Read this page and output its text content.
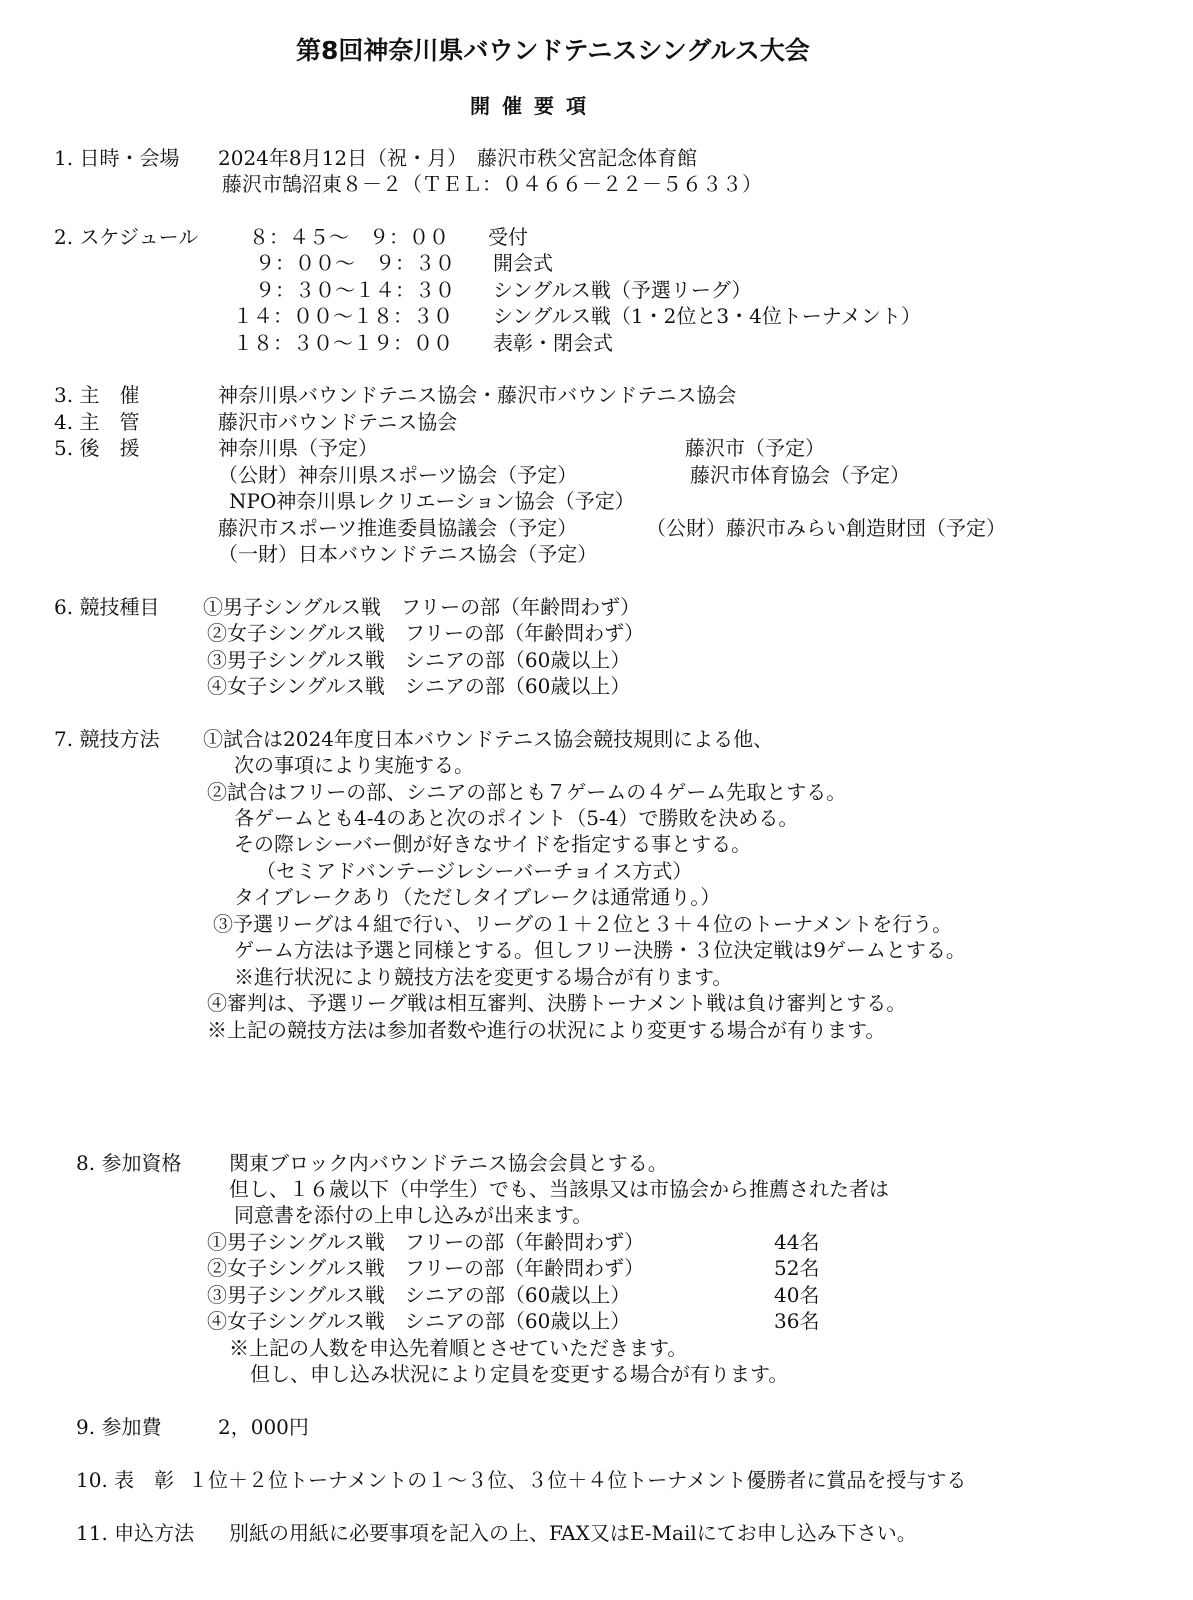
第8回神奈川県バウンドテニスシングルス大会
開催要項
1. 日時・会場 2024年8月12日（祝・月）　藤沢市秩父宮記念体育館
藤沢市鵠沼東８－２（ＴＥＬ：０４６６－２２－５６３３）
2. スケジュール	８：４５～　９：００ 受付
９：００～　９：３０ 開会式
９：３０～１４：３０ シングルス戦（予選リーグ）
１４：００～１８：３０ シングルス戦（1・2位と3・4位トーナメント）
１８：３０～１９：００ 表彰・閉会式
3. 主　催	神奈川県バウンドテニス協会・藤沢市バウンドテニス協会
4. 主　管	藤沢市バウンドテニス協会
5. 後　援	神奈川県（予定）	藤沢市（予定）
（公財）神奈川県スポーツ協会（予定）	藤沢市体育協会（予定）
NPO神奈川県レクリエーション協会（予定）
藤沢市スポーツ推進委員協議会（予定）	（公財）藤沢市みらい創造財団（予定）
（一財）日本バウンドテニス協会（予定）
6. 競技種目 ①男子シングルス戦　フリーの部（年齢問わず）
②女子シングルス戦　フリーの部（年齢問わず）
③男子シングルス戦　シニアの部（60歳以上）
④女子シングルス戦　シニアの部（60歳以上）
7. 競技方法 ①試合は2024年度日本バウンドテニス協会競技規則による他、
次の事項により実施する。
②試合はフリーの部、シニアの部とも７ゲームの４ゲーム先取とする。
各ゲームとも4-4のあと次のポイント（5-4）で勝敗を決める。
その際レシーバー側が好きなサイドを指定する事とする。
（セミアドバンテージレシーバーチョイス方式）
タイブレークあり（ただしタイブレークは通常通り。）
③予選リーグは４組で行い、リーグの１＋２位と３＋４位のトーナメントを行う。
ゲーム方法は予選と同様とする。但しフリー決勝・３位決定戦は9ゲームとする。
※進行状況により競技方法を変更する場合が有ります。
④審判は、予選リーグ戦は相互審判、決勝トーナメント戦は負け審判とする。
※上記の競技方法は参加者数や進行の状況により変更する場合が有ります。
8. 参加資格 関東ブロック内バウンドテニス協会会員とする。
但し、１６歳以下（中学生）でも、当該県又は市協会から推薦された者は
同意書を添付の上申し込みが出来ます。
①男子シングルス戦　フリーの部（年齢問わず）	44名
②女子シングルス戦　フリーの部（年齢問わず）	52名
③男子シングルス戦　シニアの部（60歳以上）	40名
④女子シングルス戦　シニアの部（60歳以上）	36名
※上記の人数を申込先着順とさせていただきます。
但し、申し込み状況により定員を変更する場合が有ります。
9. 参加費	2，000円
10. 表　彰 １位＋２位トーナメントの１～３位、３位＋４位トーナメント優勝者に賞品を授与する
11. 申込方法 別紙の用紙に必要事項を記入の上、FAX又はE-Mailにてお申し込み下さい。
